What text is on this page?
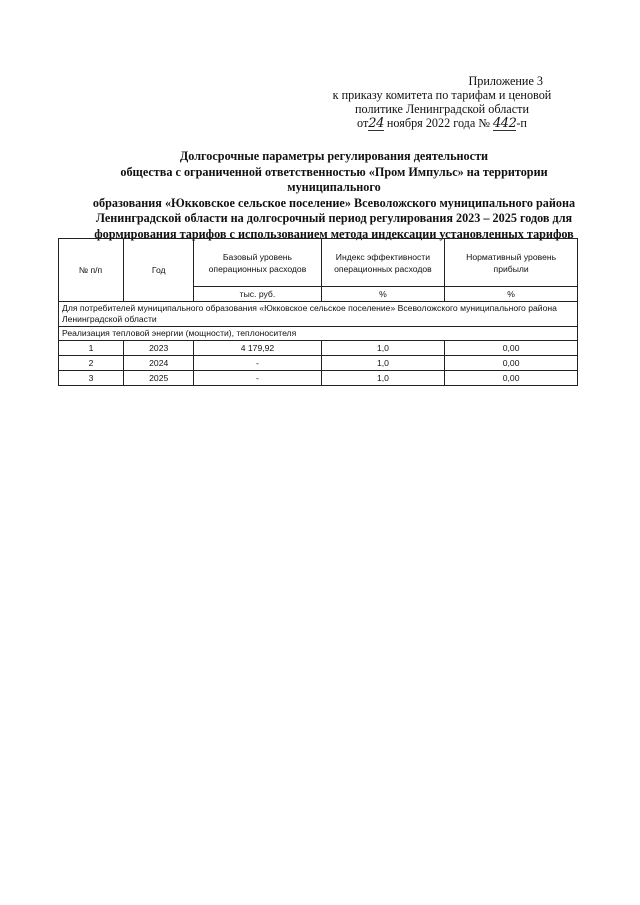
Приложение 3
к приказу комитета по тарифам и ценовой
политике Ленинградской области
от24 ноября 2022 года № 442-п
Долгосрочные параметры регулирования деятельности
общества с ограниченной ответственностью «Пром Импульс» на территории муниципального
образования «Юкковское сельское поселение» Всеволожского муниципального района
Ленинградской области на долгосрочный период регулирования 2023 – 2025 годов для
формирования тарифов с использованием метода индексации установленных тарифов
№ п/п	Год	Базовый уровень операционных расходов	Индекс эффективности операционных расходов	Нормативный уровень прибыли
		тыс. руб.	%	%
Для потребителей муниципального образования «Юкковское сельское поселение» Всеволожского муниципального района Ленинградской области				
Реализация тепловой энергии (мощности), теплоносителя				
1	2023	4 179,92	1,0	0,00
2	2024	-	1,0	0,00
3	2025	-	1,0	0,00
